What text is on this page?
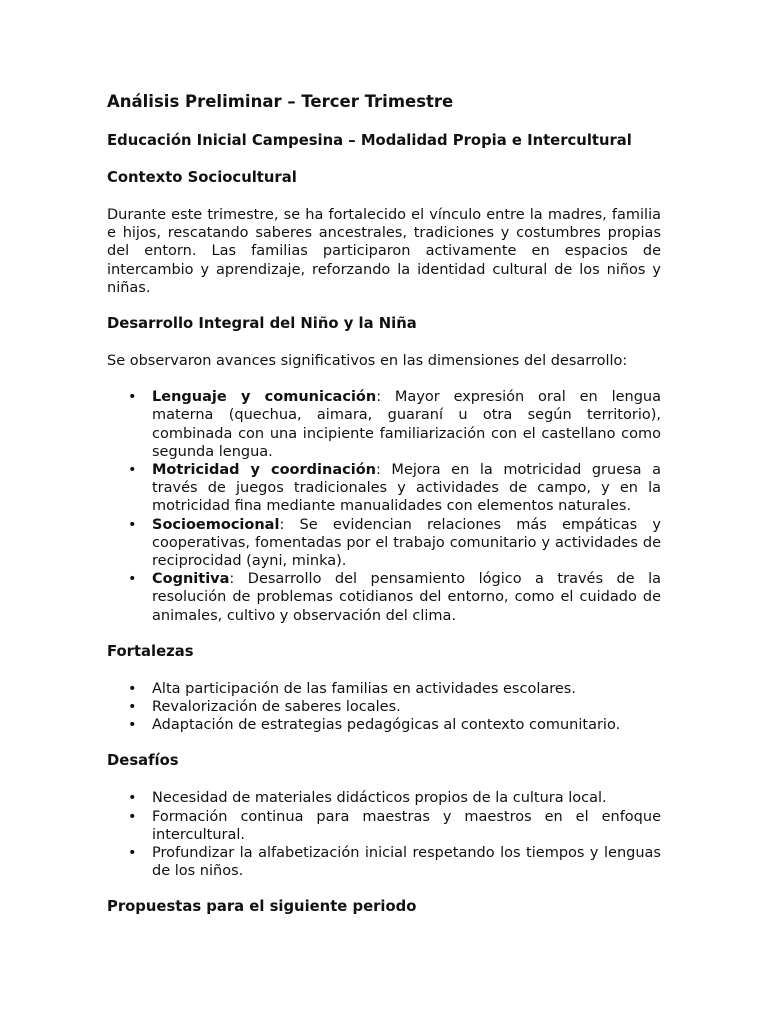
Análisis Preliminar – Tercer Trimestre
Educación Inicial Campesina – Modalidad Propia e Intercultural
Contexto Sociocultural
Durante este trimestre, se ha fortalecido el vínculo entre la madres, familia e hijos, rescatando saberes ancestrales, tradiciones y costumbres propias del entorn. Las familias participaron activamente en espacios de intercambio y aprendizaje, reforzando la identidad cultural de los niños y niñas.
Desarrollo Integral del Niño y la Niña
Se observaron avances significativos en las dimensiones del desarrollo:
• Lenguaje y comunicación: Mayor expresión oral en lengua materna (quechua, aimara, guaraní u otra según territorio), combinada con una incipiente familiarización con el castellano como segunda lengua.
• Motricidad y coordinación: Mejora en la motricidad gruesa a través de juegos tradicionales y actividades de campo, y en la motricidad fina mediante manualidades con elementos naturales.
• Socioemocional: Se evidencian relaciones más empáticas y cooperativas, fomentadas por el trabajo comunitario y actividades de reciprocidad (ayni, minka).
• Cognitiva: Desarrollo del pensamiento lógico a través de la resolución de problemas cotidianos del entorno, como el cuidado de animales, cultivo y observación del clima.
Fortalezas
• Alta participación de las familias en actividades escolares.
• Revalorización de saberes locales.
• Adaptación de estrategias pedagógicas al contexto comunitario.
Desafíos
• Necesidad de materiales didácticos propios de la cultura local.
• Formación continua para maestras y maestros en el enfoque intercultural.
• Profundizar la alfabetización inicial respetando los tiempos y lenguas de los niños.
Propuestas para el siguiente periodo
